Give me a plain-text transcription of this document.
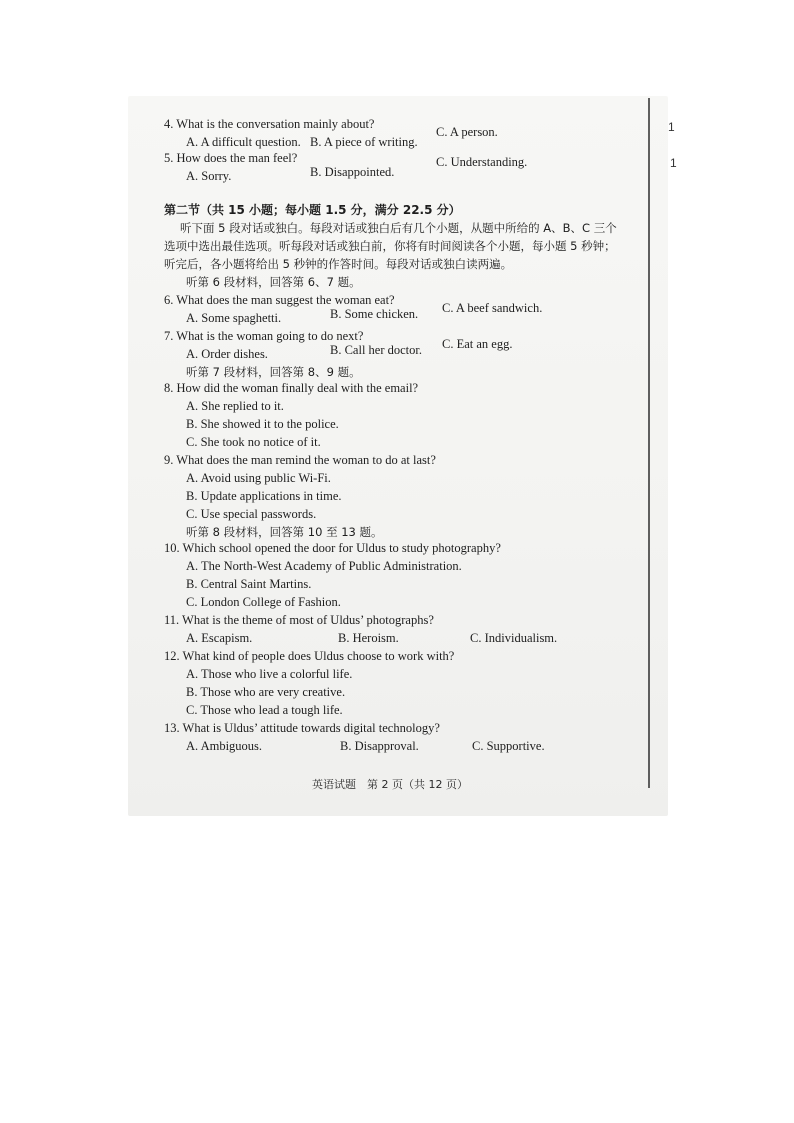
1
1
4. What is the conversation mainly about?
A. A difficult question. B. A piece of writing.
C. A person.
5. How does the man feel?
A. Sorry.	B. Disappointed.
C. Understanding.
第二节（共 15 小题；每小题 1.5 分，满分 22.5 分）
听下面 5 段对话或独白。每段对话或独白后有几个小题，从题中所给的 A、B、C 三个
选项中选出最佳选项。听每段对话或独白前，你将有时间阅读各个小题，每小题 5 秒钟；
听完后，各小题将给出 5 秒钟的作答时间。每段对话或独白读两遍。
听第 6 段材料，回答第 6、7 题。
6. What does the man suggest the woman eat?
A. Some spaghetti.	B. Some chicken. C. A beef sandwich.
7. What is the woman going to do next?
A. Order dishes.	B. Call her doctor. C. Eat an egg.
听第 7 段材料，回答第 8、9 题。
8. How did the woman finally deal with the email?
A. She replied to it.
B. She showed it to the police.
C. She took no notice of it.
9. What does the man remind the woman to do at last?
A. Avoid using public Wi-Fi.
B. Update applications in time.
C. Use special passwords.
听第 8 段材料，回答第 10 至 13 题。
10. Which school opened the door for Uldus to study photography?
A. The North-West Academy of Public Administration.
B. Central Saint Martins.
C. London College of Fashion.
11. What is the theme of most of Uldus’ photographs?
A. Escapism.	B. Heroism.	C. Individualism.
12. What kind of people does Uldus choose to work with?
A. Those who live a colorful life.
B. Those who are very creative.
C. Those who lead a tough life.
13. What is Uldus’ attitude towards digital technology?
A. Ambiguous.	B. Disapproval.	C. Supportive.
英语试题　第 2 页（共 12 页）
